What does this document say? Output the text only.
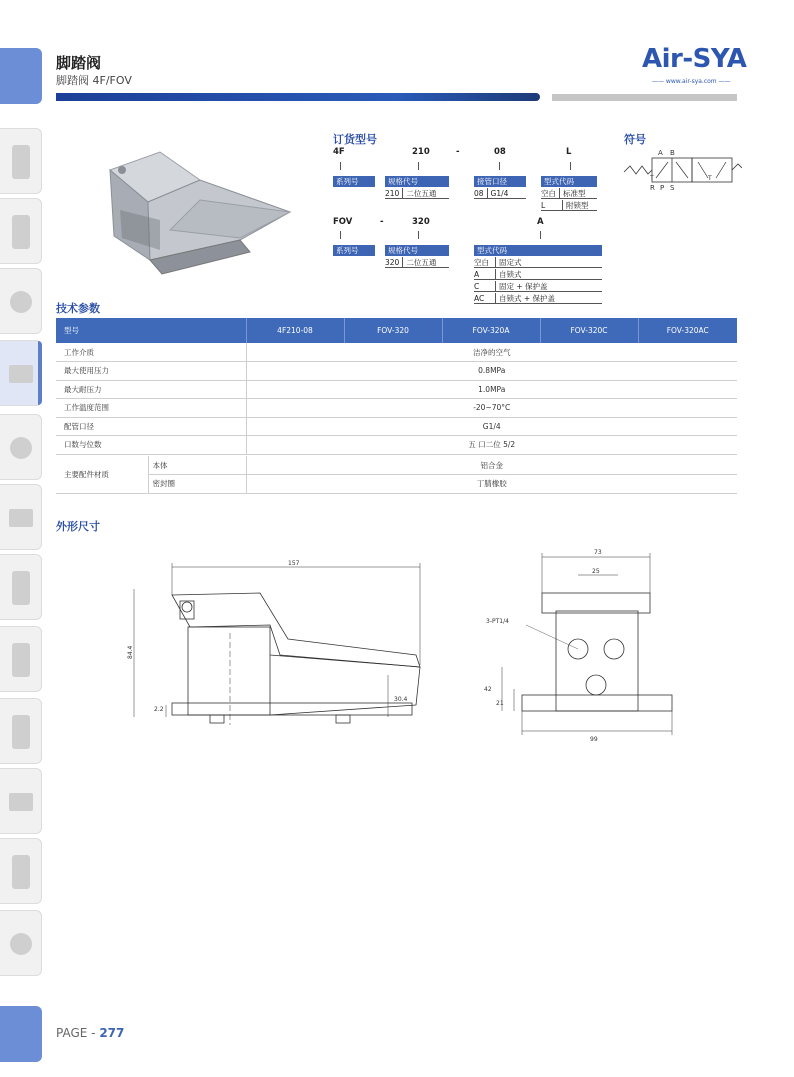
脚踏阀
脚踏阀 4F/FOV
Air-SYA
—— www.air-sya.com ——
订货型号
4F	210	-	08	L
系列号	规格代号	接管口径	型式代码
210 二位五通	08 G1/4	空白 标准型
L	附锁型
FOV	-	320	A
系列号	规格代号	型式代码
320 二位五通	空白 固定式
A	自锁式
C	固定 + 保护盖
AC 自锁式 + 保护盖
符号
A B
T
R P S
T
技术参数
型号	4F210-08	FOV-320	FOV-320A	FOV-320C	FOV-320AC
工作介质	洁净的空气				
最大使用压力	0.8MPa				
最大耐压力	1.0MPa				
工作温度范围	-20~70°C				
配管口径	G1/4				
口数与位数	五 口二位 5/2				
主要配件材质	本体	铝合金
	密封圈	丁腈橡胶
外形尺寸
157
84.4
2.2
30.4
73
25
3-PT1/4
42
21
99
PAGE - 277
